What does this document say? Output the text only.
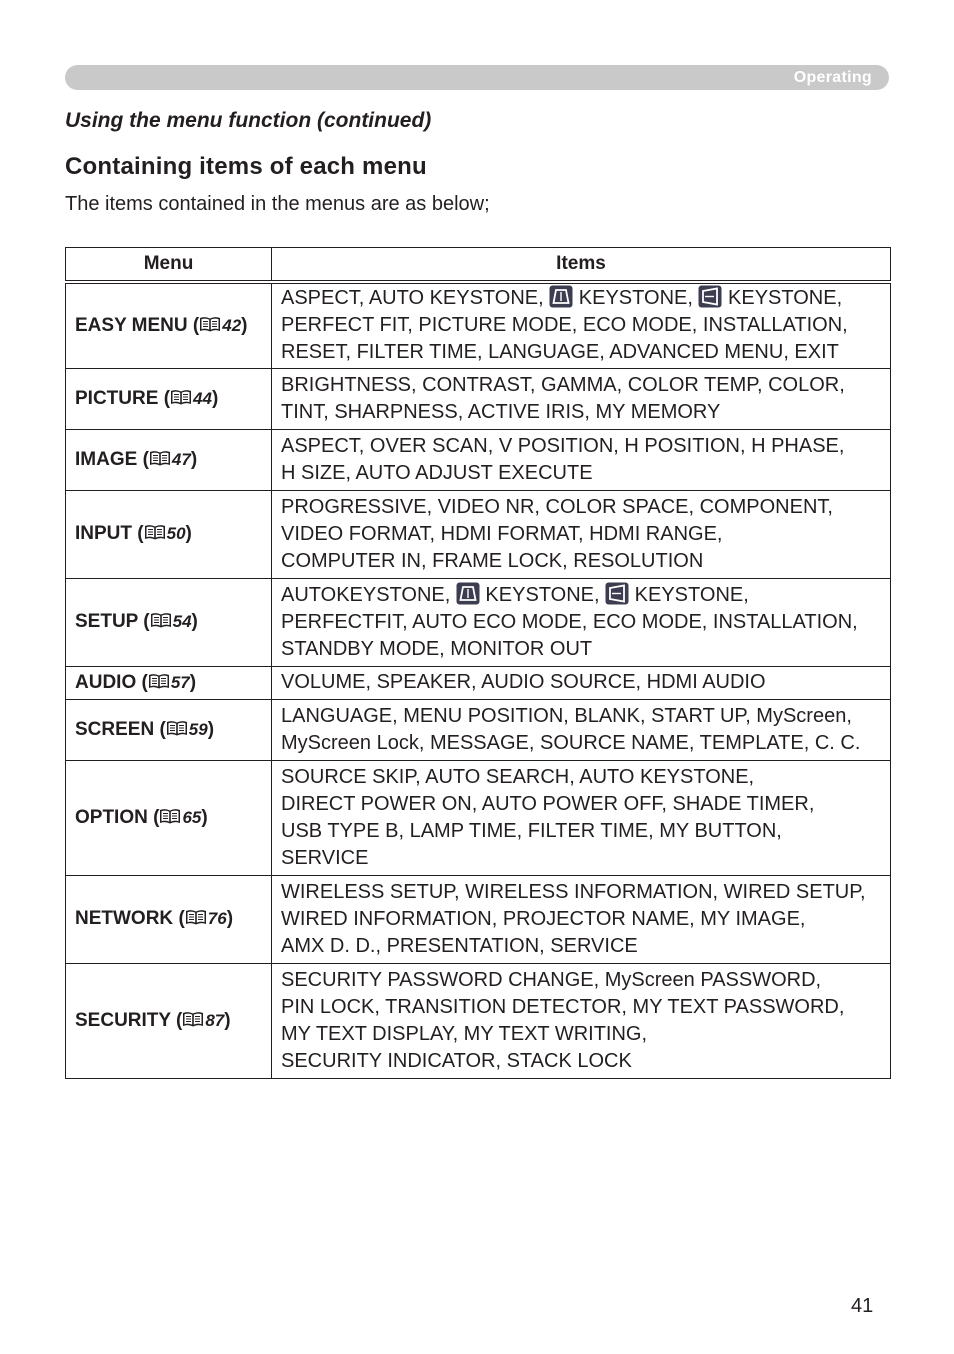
Operating

Using the menu function (continued)

Containing items of each menu

The items contained in the menus are as below;

Menu	Items
EASY MENU ( 42)	ASPECT, AUTO KEYSTONE,  KEYSTONE,  KEYSTONE,
PERFECT FIT, PICTURE MODE, ECO MODE, INSTALLATION,
RESET, FILTER TIME, LANGUAGE, ADVANCED MENU, EXIT
PICTURE ( 44)	BRIGHTNESS, CONTRAST, GAMMA, COLOR TEMP, COLOR,
TINT, SHARPNESS, ACTIVE IRIS, MY MEMORY
IMAGE ( 47)	ASPECT, OVER SCAN, V POSITION, H POSITION, H PHASE,
H SIZE, AUTO ADJUST EXECUTE
INPUT ( 50)	PROGRESSIVE, VIDEO NR, COLOR SPACE, COMPONENT,
VIDEO FORMAT, HDMI FORMAT, HDMI RANGE,
COMPUTER IN, FRAME LOCK, RESOLUTION
SETUP ( 54)	AUTOKEYSTONE,  KEYSTONE,  KEYSTONE,
PERFECTFIT, AUTO ECO MODE, ECO MODE, INSTALLATION,
STANDBY MODE, MONITOR OUT
AUDIO ( 57)	VOLUME, SPEAKER, AUDIO SOURCE, HDMI AUDIO
SCREEN ( 59)	LANGUAGE, MENU POSITION, BLANK, START UP, MyScreen,
MyScreen Lock, MESSAGE, SOURCE NAME, TEMPLATE, C. C.
OPTION ( 65)	SOURCE SKIP, AUTO SEARCH, AUTO KEYSTONE,
DIRECT POWER ON, AUTO POWER OFF, SHADE TIMER,
USB TYPE B, LAMP TIME, FILTER TIME, MY BUTTON,
SERVICE
NETWORK ( 76)	WIRELESS SETUP, WIRELESS INFORMATION, WIRED SETUP,
WIRED INFORMATION, PROJECTOR NAME, MY IMAGE,
AMX D. D., PRESENTATION, SERVICE
SECURITY ( 87)	SECURITY PASSWORD CHANGE, MyScreen PASSWORD,
PIN LOCK, TRANSITION DETECTOR, MY TEXT PASSWORD,
MY TEXT DISPLAY, MY TEXT WRITING,
SECURITY INDICATOR, STACK LOCK
41
